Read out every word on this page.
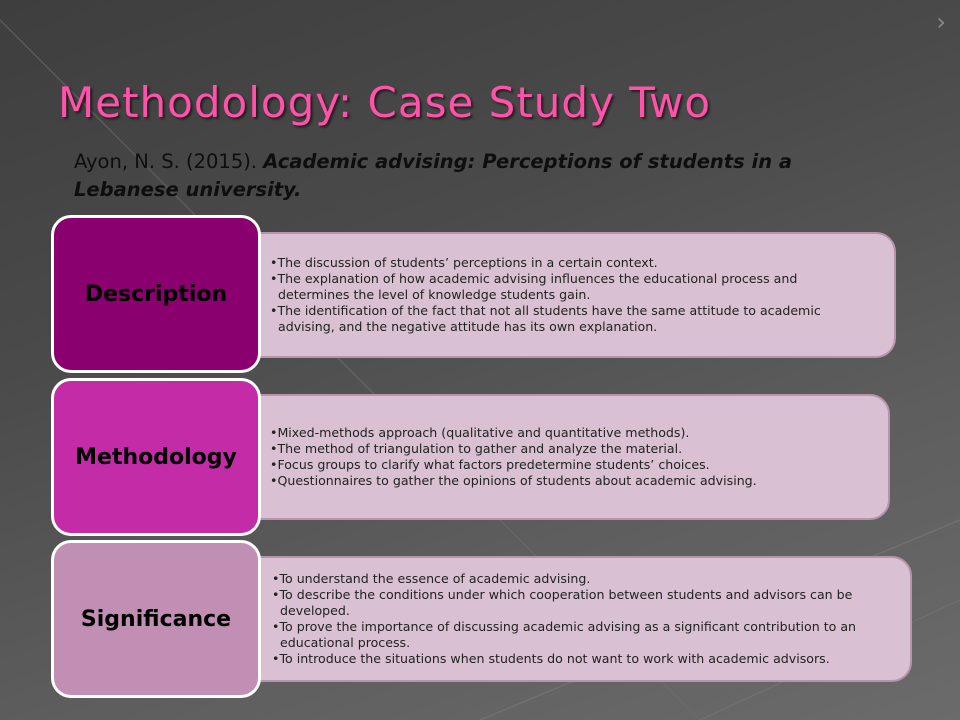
›
Methodology: Case Study Two
Ayon, N. S. (2015). Academic advising: Perceptions of students in a Lebanese university.
• The discussion of students’ perceptions in a certain context.
• The explanation of how academic advising influences the educational process and determines the level of knowledge students gain.
• The identification of the fact that not all students have the same attitude to academic advising, and the negative attitude has its own explanation.
Description
• Mixed-methods approach (qualitative and quantitative methods).
• The method of triangulation to gather and analyze the material.
• Focus groups to clarify what factors predetermine students’ choices.
• Questionnaires to gather the opinions of students about academic advising.
Methodology
• To understand the essence of academic advising.
• To describe the conditions under which cooperation between students and advisors can be developed.
• To prove the importance of discussing academic advising as a significant contribution to an educational process.
• To introduce the situations when students do not want to work with academic advisors.
Significance
